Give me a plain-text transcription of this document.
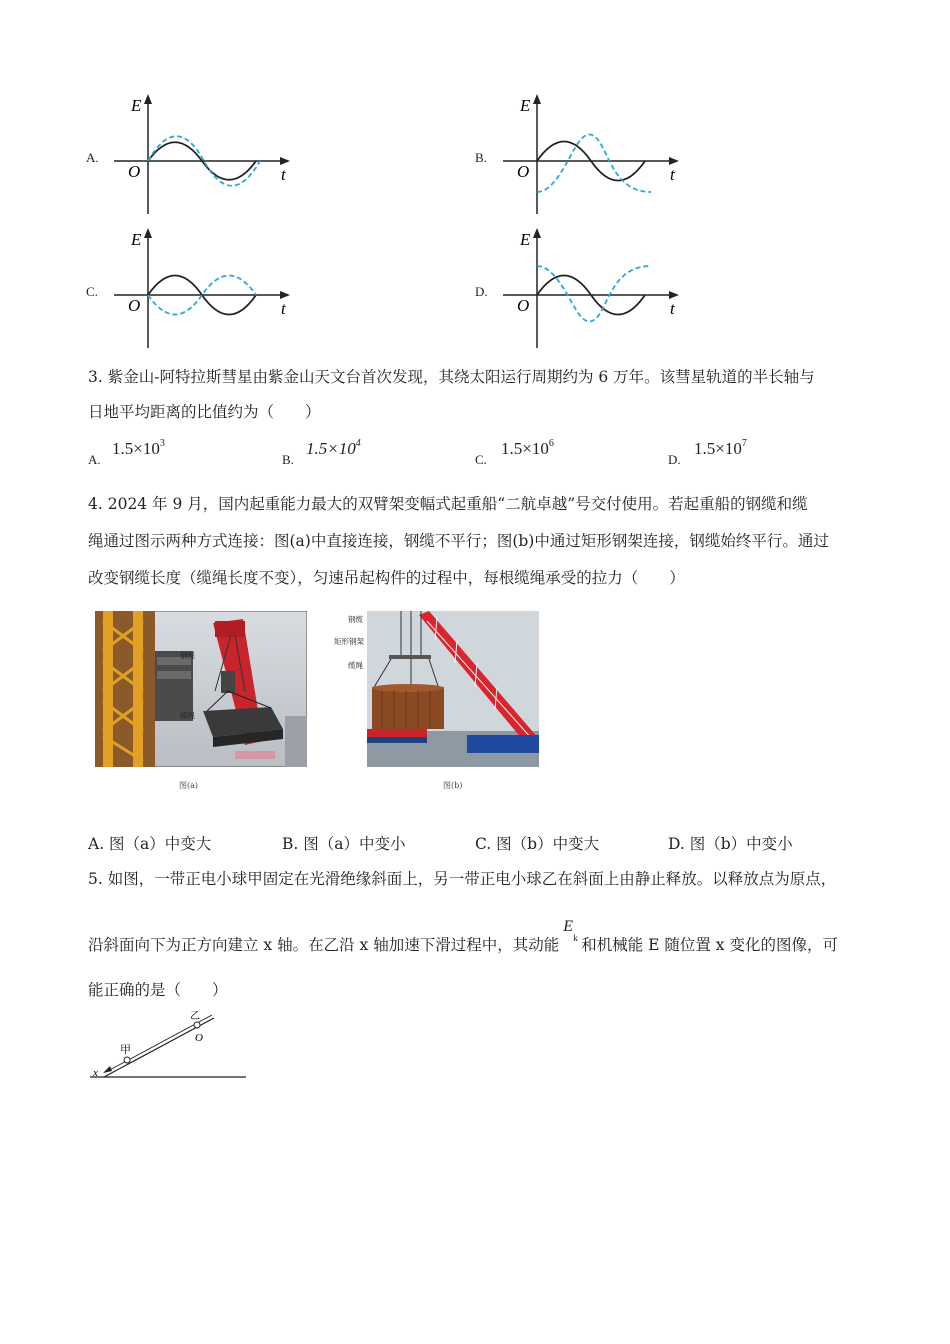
A.
E
O	t
B.
E
O	t
C.
E
O	t
D.
E
O	t
3. 紫金山-阿特拉斯彗星由紫金山天文台首次发现，其绕太阳运行周期约为 6 万年。该彗星轨道的半长轴与
日地平均距离的比值约为（　　）
A.
$1.5\times 10^3$
B.
$1.5\times 10^4$
C.
$1.5\times 10^6$
D.
$1.5\times 10^7$
4. 2024 年 9 月，国内起重能力最大的双臂架变幅式起重船“二航卓越”号交付使用。若起重船的钢缆和缆
绳通过图示两种方式连接：图(a)中直接连接，钢缆不平行；图(b)中通过矩形钢架连接，钢缆始终平行。通过
改变钢缆长度（缆绳长度不变），匀速吊起构件的过程中，每根缆绳承受的拉力（　　）
钢缆
缆绳
图(a)
钢缆
矩形钢架
缆绳
图(b)
A. 图（a）中变大	B. 图（a）中变小	C. 图（b）中变大	D. 图（b）中变小
5. 如图，一带正电小球甲固定在光滑绝缘斜面上，另一带正电小球乙在斜面上由静止释放。以释放点为原点，
沿斜面向下为正方向建立 x 轴。在乙沿 x 轴加速下滑过程中，其动能
E
k 和机械能 E 随位置 x 变化的图像，可
能正确的是（　　）
甲
乙
O
x
